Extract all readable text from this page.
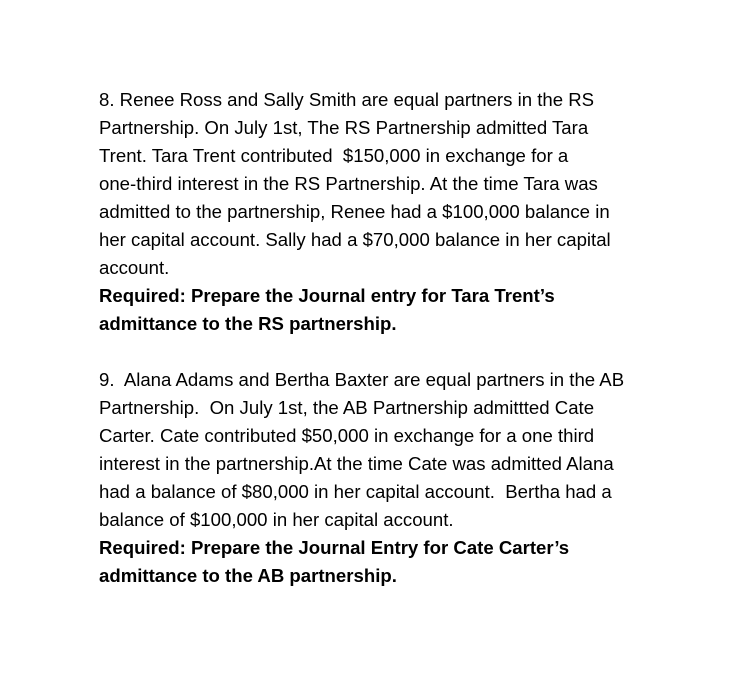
8. Renee Ross and Sally Smith are equal partners in the RS
Partnership. On July 1st, The RS Partnership admitted Tara
Trent. Tara Trent contributed  $150,000 in exchange for a
one-third interest in the RS Partnership. At the time Tara was
admitted to the partnership, Renee had a $100,000 balance in
her capital account. Sally had a $70,000 balance in her capital
account.

Required: Prepare the Journal entry for Tara Trent’s
admittance to the RS partnership.

9.  Alana Adams and Bertha Baxter are equal partners in the AB
Partnership.  On July 1st, the AB Partnership admittted Cate
Carter. Cate contributed $50,000 in exchange for a one third
interest in the partnership.At the time Cate was admitted Alana
had a balance of $80,000 in her capital account.  Bertha had a
balance of $100,000 in her capital account.

Required: Prepare the Journal Entry for Cate Carter’s
admittance to the AB partnership.
